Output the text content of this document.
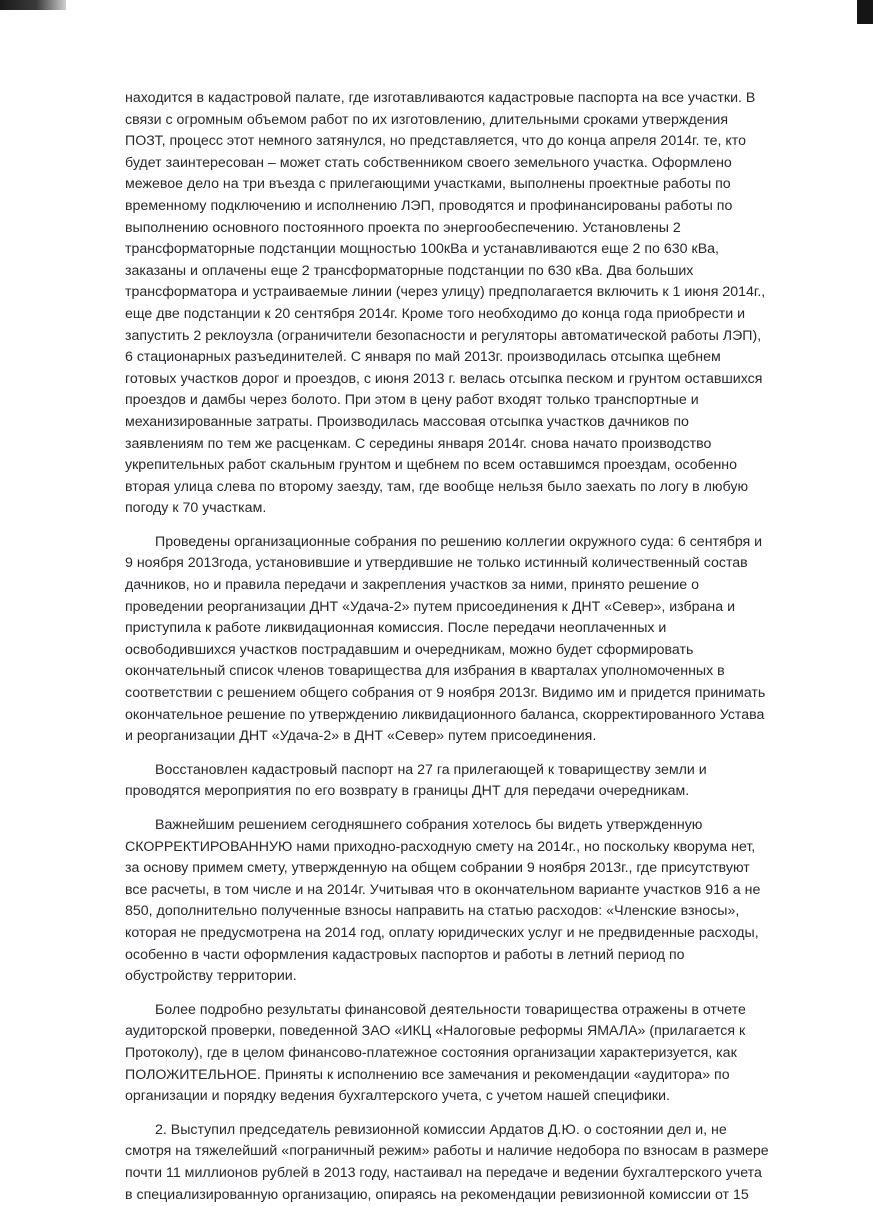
находится в кадастровой палате, где изготавливаются кадастровые паспорта на все участки. В связи с огромным объемом работ по их изготовлению, длительными сроками утверждения ПОЗТ, процесс этот немного затянулся, но представляется, что до конца апреля 2014г. те, кто будет заинтересован – может стать собственником своего земельного участка. Оформлено межевое дело на три въезда с прилегающими участками, выполнены проектные работы по временному подключению и исполнению ЛЭП, проводятся и профинансированы работы по выполнению основного постоянного проекта по энергообеспечению. Установлены 2 трансформаторные подстанции мощностью 100кВа и устанавливаются еще 2 по 630 кВа, заказаны и оплачены еще 2 трансформаторные подстанции по 630 кВа. Два больших трансформатора и устраиваемые линии (через улицу) предполагается включить к 1 июня 2014г., еще две подстанции к 20 сентября 2014г. Кроме того необходимо до конца года приобрести и запустить 2 реклоузла (ограничители безопасности и регуляторы автоматической работы ЛЭП), 6 стационарных разъединителей. С января по май 2013г. производилась отсыпка щебнем готовых участков дорог и проездов, с июня 2013 г. велась отсыпка песком и грунтом оставшихся проездов и дамбы через болото. При этом в цену работ входят только транспортные и механизированные затраты. Производилась массовая отсыпка участков дачников по заявлениям по тем же расценкам. С середины января 2014г. снова начато производство укрепительных работ скальным грунтом и щебнем по всем оставшимся проездам, особенно вторая улица слева по второму заезду, там, где вообще нельзя было заехать по логу в любую погоду к 70 участкам.

Проведены организационные собрания по решению коллегии окружного суда: 6 сентября и 9 ноября 2013года, установившие и утвердившие не только истинный количественный состав дачников, но и правила передачи и закрепления участков за ними, принято решение о проведении реорганизации ДНТ «Удача-2» путем присоединения к ДНТ «Север», избрана и приступила к работе ликвидационная комиссия. После передачи неоплаченных и освободившихся участков пострадавшим и очередникам, можно будет сформировать окончательный список членов товарищества для избрания в кварталах уполномоченных в соответствии с решением общего собрания от 9 ноября 2013г. Видимо им и придется принимать окончательное решение по утверждению ликвидационного баланса, скорректированного Устава и реорганизации ДНТ «Удача-2» в ДНТ «Север» путем присоединения.

Восстановлен кадастровый паспорт на 27 га прилегающей к товариществу земли и проводятся мероприятия по его возврату в границы ДНТ для передачи очередникам.

Важнейшим решением сегодняшнего собрания хотелось бы видеть утвержденную СКОРРЕКТИРОВАННУЮ нами приходно-расходную смету на 2014г., но поскольку кворума нет, за основу примем смету, утвержденную на общем собрании 9 ноября 2013г., где присутствуют все расчеты, в том числе и на 2014г. Учитывая что в окончательном варианте участков 916 а не 850, дополнительно полученные взносы направить на статью расходов: «Членские взносы», которая не предусмотрена на 2014 год, оплату юридических услуг и не предвиденные расходы, особенно в части оформления кадастровых паспортов и работы в летний период по обустройству территории.

Более подробно результаты финансовой деятельности товарищества отражены в отчете аудиторской проверки, поведенной ЗАО «ИКЦ «Налоговые реформы ЯМАЛА» (прилагается к Протоколу), где в целом финансово-платежное состояния организации характеризуется, как ПОЛОЖИТЕЛЬНОЕ. Приняты к исполнению все замечания и рекомендации «аудитора» по организации и порядку ведения бухгалтерского учета, с учетом нашей специфики.

2. Выступил председатель ревизионной комиссии Ардатов Д.Ю. о состоянии дел и, не смотря на тяжелейший «пограничный режим» работы и наличие недобора по взносам в размере почти 11 миллионов рублей в 2013 году, настаивал на передаче и ведении бухгалтерского учета в специализированную организацию, опираясь на рекомендации ревизионной комиссии от 15
